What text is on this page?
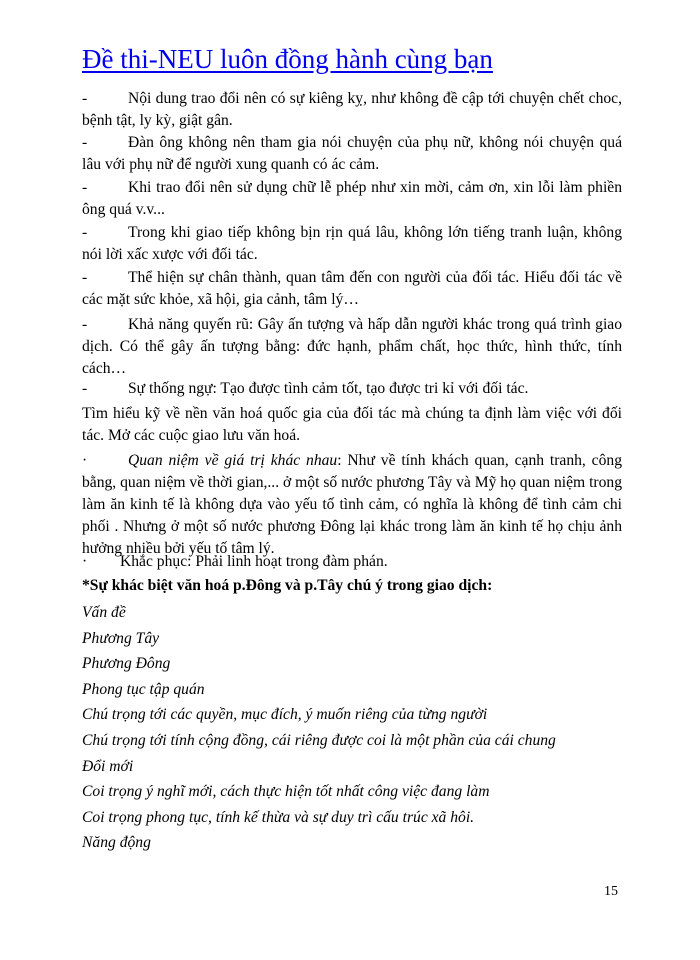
Đề thi-NEU luôn đồng hành cùng bạn
-	Nội dung trao đổi nên có sự kiêng kỵ, như không đề cập tới chuyện chết choc, bệnh tật, ly kỳ, giật gân.
-	Đàn ông không nên tham gia nói chuyện của phụ nữ, không nói chuyện quá lâu với phụ nữ để người xung quanh có ác cảm.
-	Khi trao đổi nên sử dụng chữ lễ phép như xin mời, cảm ơn, xin lỗi làm phiền ông quá v.v...
-	Trong khi giao tiếp không bịn rịn quá lâu, không lớn tiếng tranh luận, không nói lời xấc xược với đối tác.
-	Thể hiện sự chân thành, quan tâm đến con người của đối tác. Hiểu đối tác về các mặt sức khỏe, xã hội, gia cảnh, tâm lý…
-	Khả năng quyến rũ: Gây ấn tượng và hấp dẫn người khác trong quá trình giao dịch. Có thể gây ấn tượng bằng: đức hạnh, phẩm chất, học thức, hình thức, tính cách…
-	Sự thống ngự: Tạo được tình cảm tốt, tạo được tri kỉ với đối tác.
Tìm hiểu kỹ về nền văn hoá quốc gia của đối tác mà chúng ta định làm việc với đối tác. Mở các cuộc giao lưu văn hoá.
·	Quan niệm về giá trị khác nhau: Như về tính khách quan, cạnh tranh, công bằng, quan niệm về thời gian,... ở một số nước phương Tây và Mỹ họ quan niệm trong làm ăn kinh tế là không dựa vào yếu tố tình cảm, có nghĩa là không để tình cảm chi phối . Nhưng ở một số nước phương Đông lại khác trong làm ăn kinh tế họ chịu ảnh hưởng nhiều bởi yếu tố tâm lý.
·	Khắc phục: Phải linh hoạt trong đàm phán.
*Sự khác biệt văn hoá p.Đông và p.Tây chú ý trong giao dịch:
Vấn đề
Phương Tây
Phương Đông
Phong tục tập quán
Chú trọng tới các quyền, mục đích, ý muốn riêng của từng người
Chú trọng tới tính cộng đồng, cái riêng được coi là một phần của cái chung
Đổi mới
Coi trọng ý nghĩ mới, cách thực hiện tốt nhất công việc đang làm
Coi trọng phong tục, tính kế thừa và sự duy trì cấu trúc xã hôi.
Năng động
15
